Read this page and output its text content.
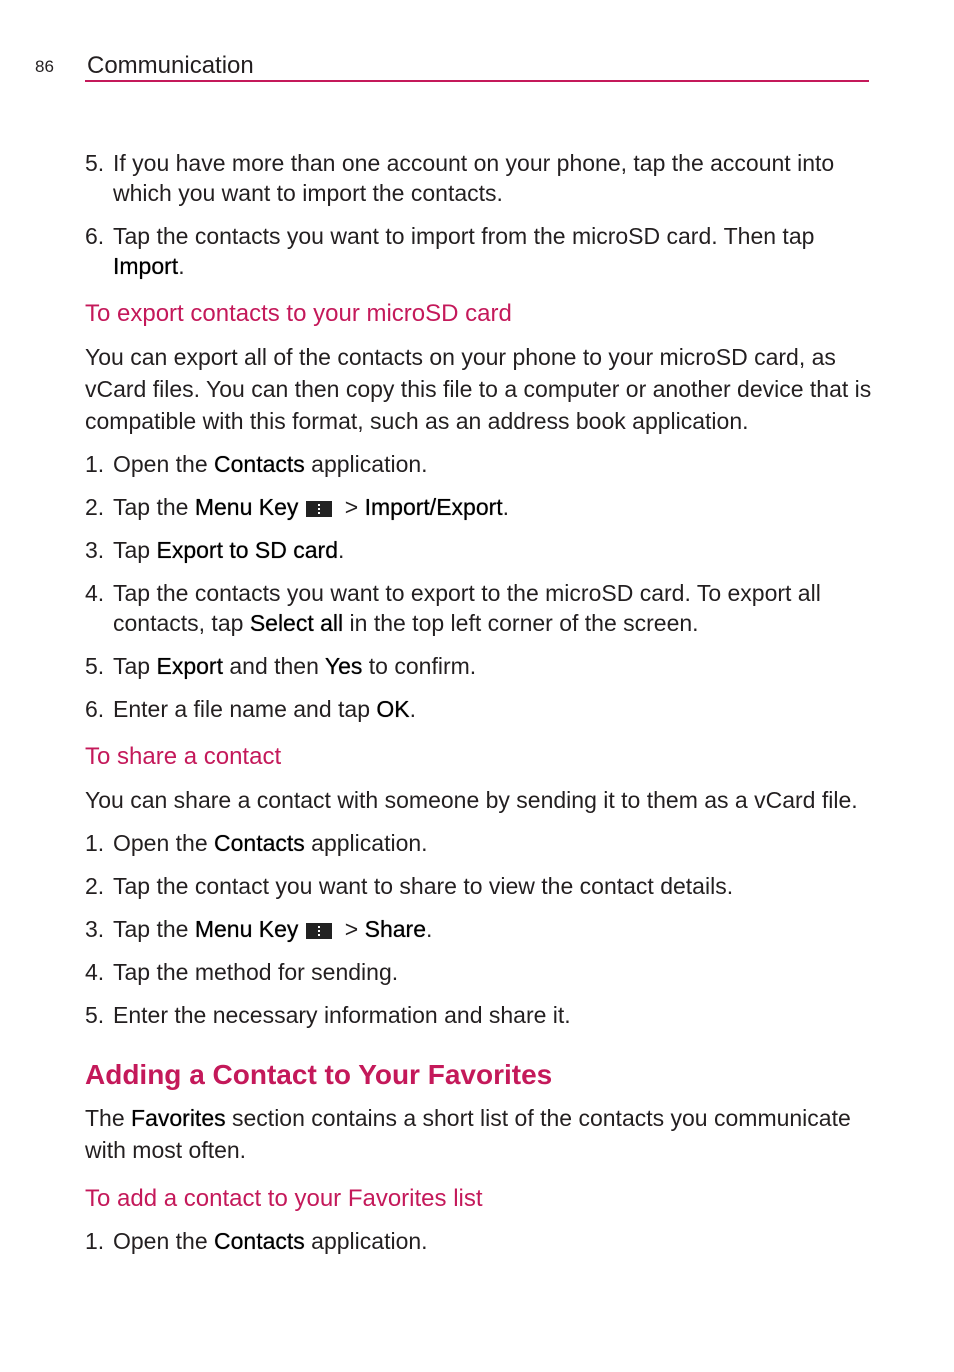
86 Communication
5. If you have more than one account on your phone, tap the account into which you want to import the contacts.
6. Tap the contacts you want to import from the microSD card. Then tap Import.
To export contacts to your microSD card
You can export all of the contacts on your phone to your microSD card, as vCard files. You can then copy this file to a computer or another device that is compatible with this format, such as an address book application.
1. Open the Contacts application.
2. Tap the Menu Key > Import/Export.
3. Tap Export to SD card.
4. Tap the contacts you want to export to the microSD card. To export all contacts, tap Select all in the top left corner of the screen.
5. Tap Export and then Yes to confirm.
6. Enter a file name and tap OK.
To share a contact
You can share a contact with someone by sending it to them as a vCard file.
1. Open the Contacts application.
2. Tap the contact you want to share to view the contact details.
3. Tap the Menu Key > Share.
4. Tap the method for sending.
5. Enter the necessary information and share it.
Adding a Contact to Your Favorites
The Favorites section contains a short list of the contacts you communicate with most often.
To add a contact to your Favorites list
1. Open the Contacts application.
